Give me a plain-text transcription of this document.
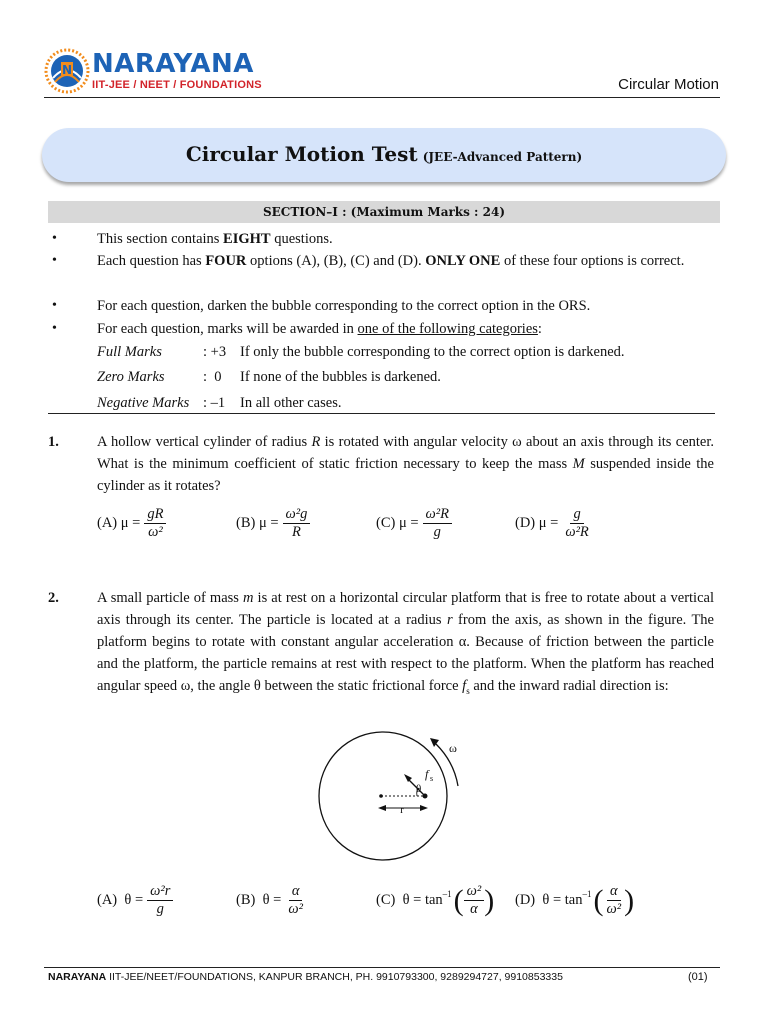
N NARAYANA
IIT-JEE / NEET / FOUNDATIONS	Circular Motion
Circular Motion Test (JEE-Advanced Pattern)
SECTION–I : (Maximum Marks : 24)
•	This section contains EIGHT questions.
•	Each question has FOUR options (A), (B), (C) and (D). ONLY ONE of these four options is correct.
•	For each question, darken the bubble corresponding to the correct option in the ORS.
•	For each question, marks will be awarded in one of the following categories:
Full Marks	: +3 If only the bubble corresponding to the correct option is darkened.
Zero Marks	:  0 If none of the bubbles is darkened.
Negative Marks : –1 In all other cases.
1.	A hollow vertical cylinder of radius R is rotated with angular velocity ω about an axis through its center. What is the minimum coefficient of static friction necessary to keep the mass M suspended inside the cylinder as it rotates?
(A) $\mu = \frac{gR}{\text{ω²}}$	(B) $\mu = \frac{\text{ω²g}}{R}$	(C) $\mu = \frac{\text{ω²R}}{g}$	(D) $\mu = \frac{g}{\text{ω²R}}$
2.	A small particle of mass m is at rest on a horizontal circular platform that is free to rotate about a vertical axis through its center. The particle is located at a radius r from the axis, as shown in the figure. The platform begins to rotate with constant angular acceleration α. Because of friction between the particle and the platform, the particle remains at rest with respect to the platform. When the platform has reached angular speed ω, the angle θ between the static frictional force $f_s$ and the inward radial direction is:
ω
f s
θ
r
(A)  $\theta = \frac{\text{ω²r}}{g}$	(B)  $\theta = \frac{\alpha}{\text{ω²}}$	(C)  $\theta = \tan^{-1}$ ( $\frac{\text{ω²}}{\alpha}$ ) (D)  $\theta = \tan^{-1}$ ( $\frac{\alpha}{\text{ω²}}$ )
NARAYANA IIT-JEE/NEET/FOUNDATIONS, KANPUR BRANCH, PH. 9910793300, 9289294727, 9910853335	(01)
